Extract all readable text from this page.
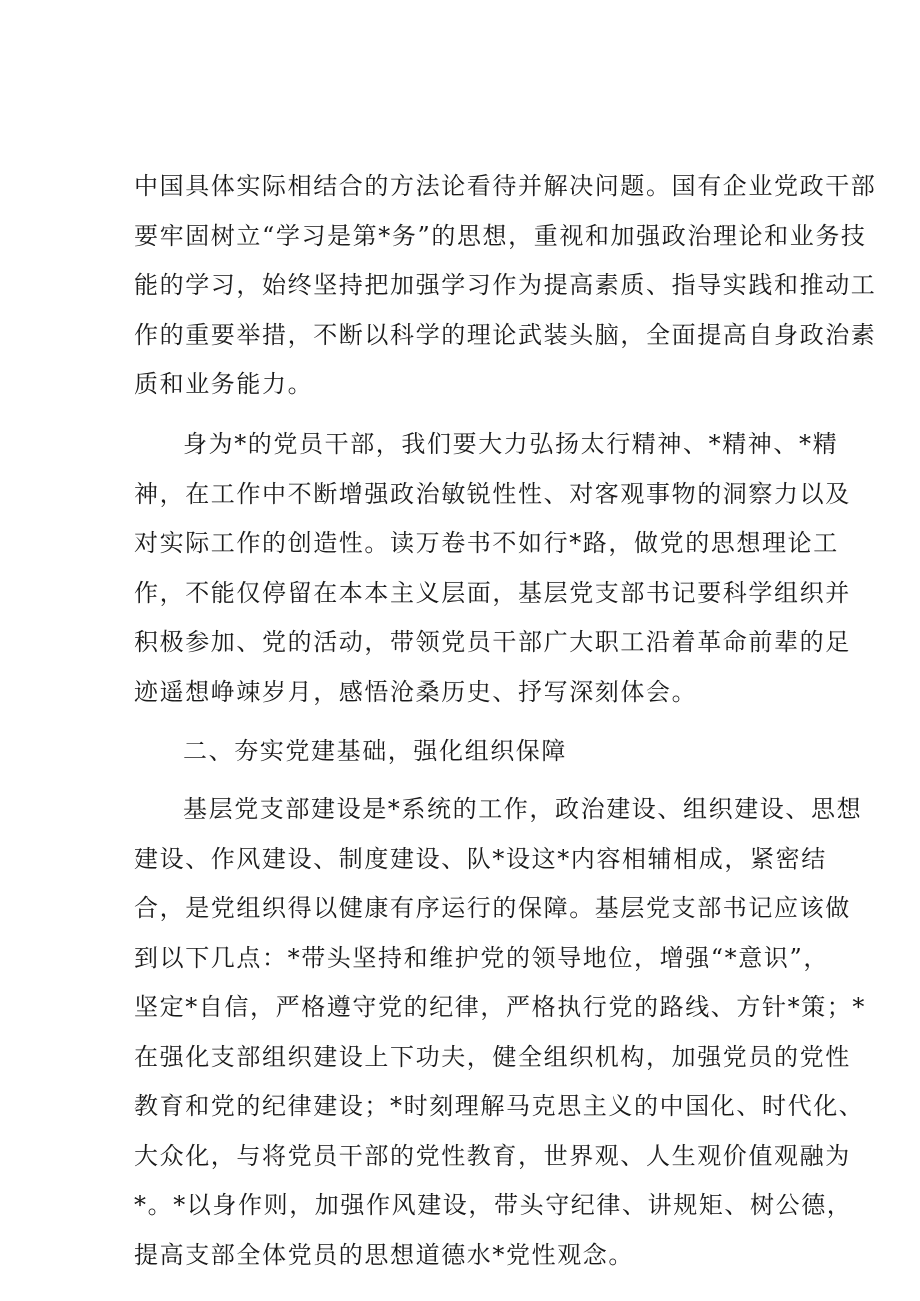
中国具体实际相结合的方法论看待并解决问题。国有企业党政干部
要牢固树立“学习是第*务”的思想，重视和加强政治理论和业务技
能的学习，始终坚持把加强学习作为提高素质、指导实践和推动工
作的重要举措，不断以科学的理论武装头脑，全面提高自身政治素
质和业务能力。
身为*的党员干部，我们要大力弘扬太行精神、*精神、*精
神，在工作中不断增强政治敏锐性性、对客观事物的洞察力以及
对实际工作的创造性。读万卷书不如行*路，做党的思想理论工
作，不能仅停留在本本主义层面，基层党支部书记要科学组织并
积极参加、党的活动，带领党员干部广大职工沿着革命前辈的足
迹遥想峥竦岁月，感悟沧桑历史、抒写深刻体会。
二、夯实党建基础，强化组织保障
基层党支部建设是*系统的工作，政治建设、组织建设、思想
建设、作风建设、制度建设、队*设这*内容相辅相成，紧密结
合，是党组织得以健康有序运行的保障。基层党支部书记应该做
到以下几点：*带头坚持和维护党的领导地位，增强“*意识”，
坚定*自信，严格遵守党的纪律，严格执行党的路线、方针*策；*
在强化支部组织建设上下功夫，健全组织机构，加强党员的党性
教育和党的纪律建设；*时刻理解马克思主义的中国化、时代化、
大众化，与将党员干部的党性教育，世界观、人生观价值观融为
*。*以身作则，加强作风建设，带头守纪律、讲规矩、树公德，
提高支部全体党员的思想道德水*党性观念。
